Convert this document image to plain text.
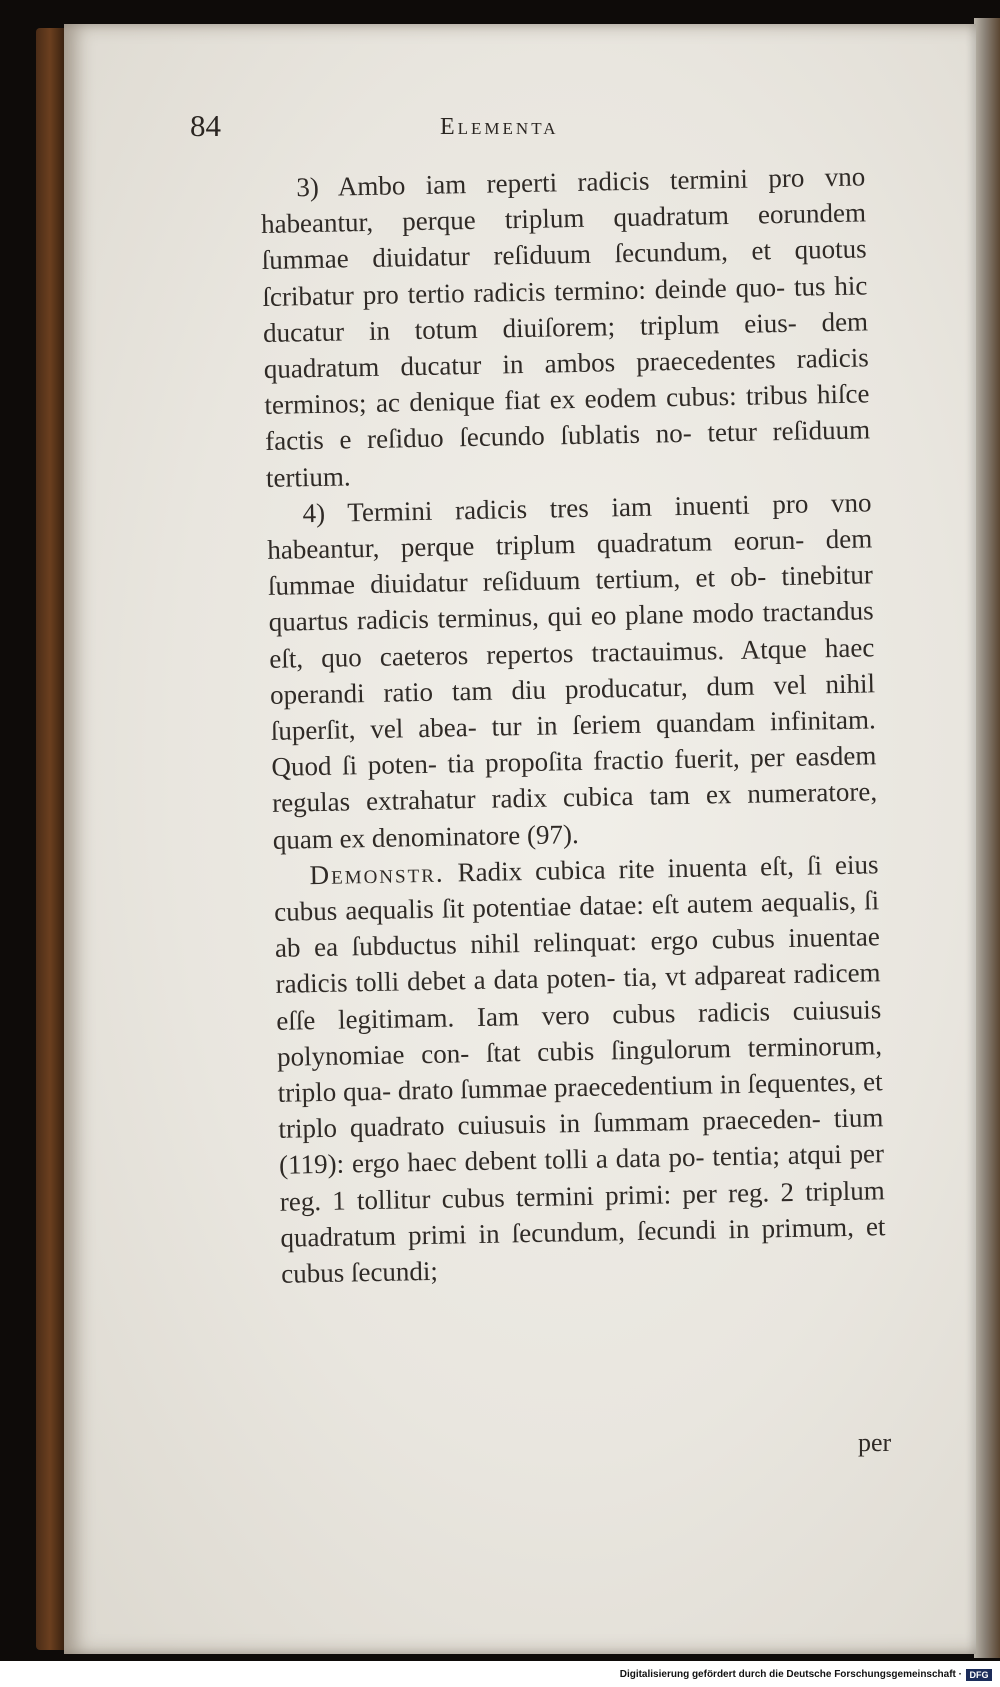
84	Elementa

3) Ambo iam reperti radicis termini pro vno habeantur, perque triplum quadratum eorundem ſummae diuidatur reſiduum ſecundum, et quotus ſcribatur pro tertio radicis termino: deinde quo- tus hic ducatur in totum diuiſorem; triplum eius- dem quadratum ducatur in ambos praecedentes radicis terminos; ac denique fiat ex eodem cubus: tribus hiſce factis e reſiduo ſecundo ſublatis no- tetur reſiduum tertium.

4) Termini radicis tres iam inuenti pro vno habeantur, perque triplum quadratum eorun- dem ſummae diuidatur reſiduum tertium, et ob- tinebitur quartus radicis terminus, qui eo plane modo tractandus eſt, quo caeteros repertos tractauimus. Atque haec operandi ratio tam diu producatur, dum vel nihil ſuperſit, vel abea- tur in ſeriem quandam infinitam. Quod ſi poten- tia propoſita fractio fuerit, per easdem regulas extrahatur radix cubica tam ex numeratore, quam ex denominatore (97).

Demonstr. Radix cubica rite inuenta eſt, ſi eius cubus aequalis ſit potentiae datae: eſt autem aequalis, ſi ab ea ſubductus nihil relinquat: ergo cubus inuentae radicis tolli debet a data poten- tia, vt adpareat radicem eſſe legitimam. Iam vero cubus radicis cuiusuis polynomiae con- ſtat cubis ſingulorum terminorum, triplo qua- drato ſummae praecedentium in ſequentes, et triplo quadrato cuiusuis in ſummam praeceden- tium (119): ergo haec debent tolli a data po- tentia; atqui per reg. 1 tollitur cubus termini primi: per reg. 2 triplum quadratum primi in ſecundum, ſecundi in primum, et cubus ſecundi;

per
Digitalisierung gefördert durch die Deutsche Forschungsgemeinschaft · DFG
